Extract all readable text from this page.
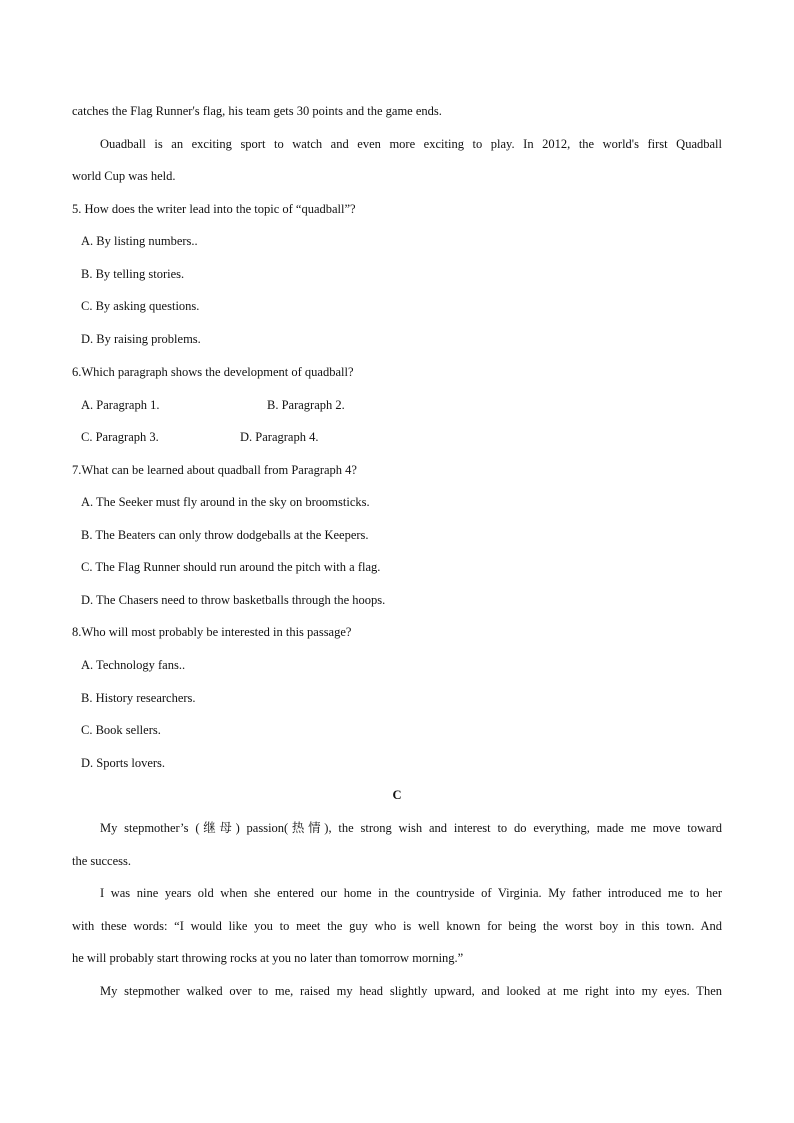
catches the Flag Runner's flag, his team gets 30 points and the game ends.
Ouadball is an exciting sport to watch and even more exciting to play. In 2012, the world's first Quadball
world Cup was held.
5. How does the writer lead into the topic of “quadball”?
A. By listing numbers..
B. By telling stories.
C. By asking questions.
D. By raising problems.
6.Which paragraph shows the development of quadball?
A. Paragraph 1.	B. Paragraph 2.
C. Paragraph 3.	D. Paragraph 4.
7.What can be learned about quadball from Paragraph 4?
A. The Seeker must fly around in the sky on broomsticks.
B. The Beaters can only throw dodgeballs at the Keepers.
C. The Flag Runner should run around the pitch with a flag.
D. The Chasers need to throw basketballs through the hoops.
8.Who will most probably be interested in this passage?
A. Technology fans..
B. History researchers.
C. Book sellers.
D. Sports lovers.
C
My stepmother’s (继母) passion(热情), the strong wish and interest to do everything, made me move toward
the success.
I was nine years old when she entered our home in the countryside of Virginia. My father introduced me to her
with these words: “I would like you to meet the guy who is well known for being the worst boy in this town. And
he will probably start throwing rocks at you no later than tomorrow morning.”
My stepmother walked over to me, raised my head slightly upward, and looked at me right into my eyes. Then
